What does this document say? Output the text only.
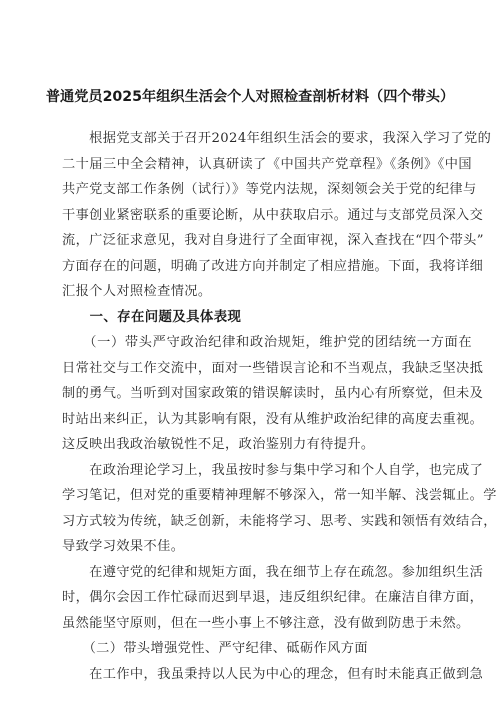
普通党员2025年组织生活会个人对照检查剖析材料（四个带头）
　　根据党支部关于召开2024年组织生活会的要求，我深入学习了党的
二十届三中全会精神，认真研读了《中国共产党章程》《条例》《中国
共产党支部工作条例（试行）》等党内法规，深刻领会关于党的纪律与
干事创业紧密联系的重要论断，从中获取启示。通过与支部党员深入交
流，广泛征求意见，我对自身进行了全面审视，深入查找在“四个带头”
方面存在的问题，明确了改进方向并制定了相应措施。下面，我将详细
汇报个人对照检查情况。
　　一、存在问题及具体表现
　　（一）带头严守政治纪律和政治规矩，维护党的团结统一方面在
日常社交与工作交流中，面对一些错误言论和不当观点，我缺乏坚决抵
制的勇气。当听到对国家政策的错误解读时，虽内心有所察觉，但未及
时站出来纠正，认为其影响有限，没有从维护政治纪律的高度去重视。
这反映出我政治敏锐性不足，政治鉴别力有待提升。
　　在政治理论学习上，我虽按时参与集中学习和个人自学，也完成了
学习笔记，但对党的重要精神理解不够深入，常一知半解、浅尝辄止。学
习方式较为传统，缺乏创新，未能将学习、思考、实践和领悟有效结合，
导致学习效果不佳。
　　在遵守党的纪律和规矩方面，我在细节上存在疏忽。参加组织生活
时，偶尔会因工作忙碌而迟到早退，违反组织纪律。在廉洁自律方面，
虽然能坚守原则，但在一些小事上不够注意，没有做到防患于未然。
　　（二）带头增强党性、严守纪律、砥砺作风方面
　　在工作中，我虽秉持以人民为中心的理念，但有时未能真正做到急
